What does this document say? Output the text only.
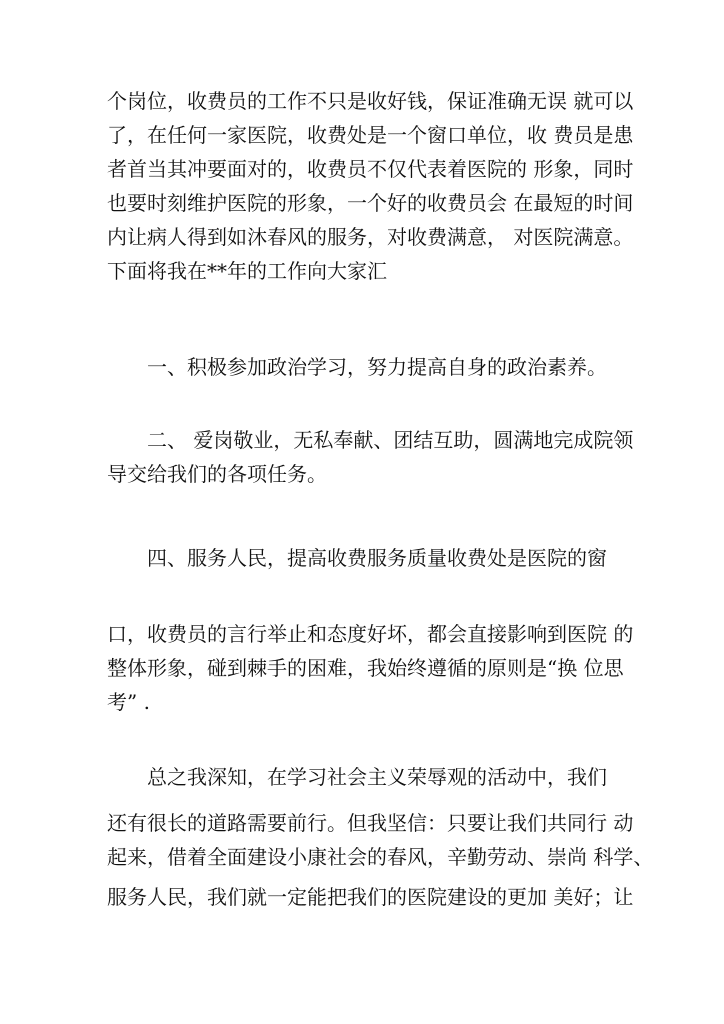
个岗位，收费员的工作不只是收好钱，保证准确无误 就可以
了，在任何一家医院，收费处是一个窗口单位，收 费员是患
者首当其冲要面对的，收费员不仅代表着医院的 形象，同时
也要时刻维护医院的形象，一个好的收费员会 在最短的时间
内让病人得到如沐春风的服务，对收费满意， 对医院满意。
下面将我在**年的工作向大家汇
一、积极参加政治学习，努力提高自身的政治素养。
二、 爱岗敬业，无私奉献、团结互助，圆满地完成院领
导交给我们的各项任务。
四、服务人民，提高收费服务质量收费处是医院的窗
口，收费员的言行举止和态度好坏，都会直接影响到医院 的
整体形象，碰到棘手的困难，我始终遵循的原则是“换 位思
考” .
总之我深知，在学习社会主义荣辱观的活动中，我们
还有很长的道路需要前行。但我坚信：只要让我们共同行 动
起来，借着全面建设小康社会的春风，辛勤劳动、崇尚 科学、
服务人民，我们就一定能把我们的医院建设的更加 美好；让
